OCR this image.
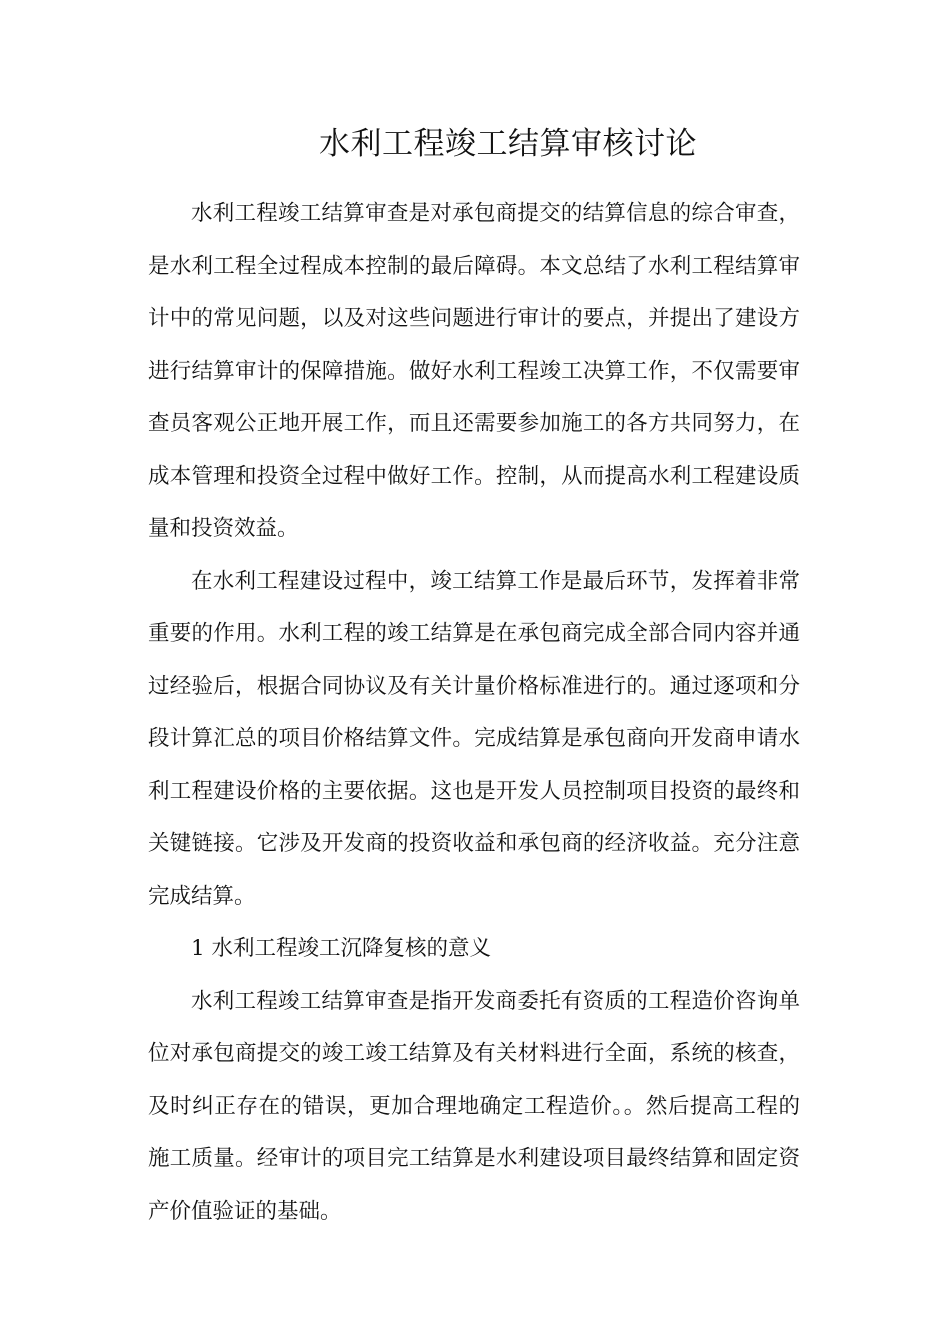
水利工程竣工结算审核讨论

水利工程竣工结算审查是对承包商提交的结算信息的综合审查，是水利工程全过程成本控制的最后障碍。本文总结了水利工程结算审计中的常见问题，以及对这些问题进行审计的要点，并提出了建设方进行结算审计的保障措施。做好水利工程竣工决算工作，不仅需要审查员客观公正地开展工作，而且还需要参加施工的各方共同努力，在成本管理和投资全过程中做好工作。控制，从而提高水利工程建设质量和投资效益。

在水利工程建设过程中，竣工结算工作是最后环节，发挥着非常重要的作用。水利工程的竣工结算是在承包商完成全部合同内容并通过经验后，根据合同协议及有关计量价格标准进行的。通过逐项和分段计算汇总的项目价格结算文件。完成结算是承包商向开发商申请水利工程建设价格的主要依据。这也是开发人员控制项目投资的最终和关键链接。它涉及开发商的投资收益和承包商的经济收益。充分注意完成结算。

1 水利工程竣工沉降复核的意义

水利工程竣工结算审查是指开发商委托有资质的工程造价咨询单位对承包商提交的竣工竣工结算及有关材料进行全面，系统的核查，及时纠正存在的错误，更加合理地确定工程造价。。然后提高工程的施工质量。经审计的项目完工结算是水利建设项目最终结算和固定资产价值验证的基础。
